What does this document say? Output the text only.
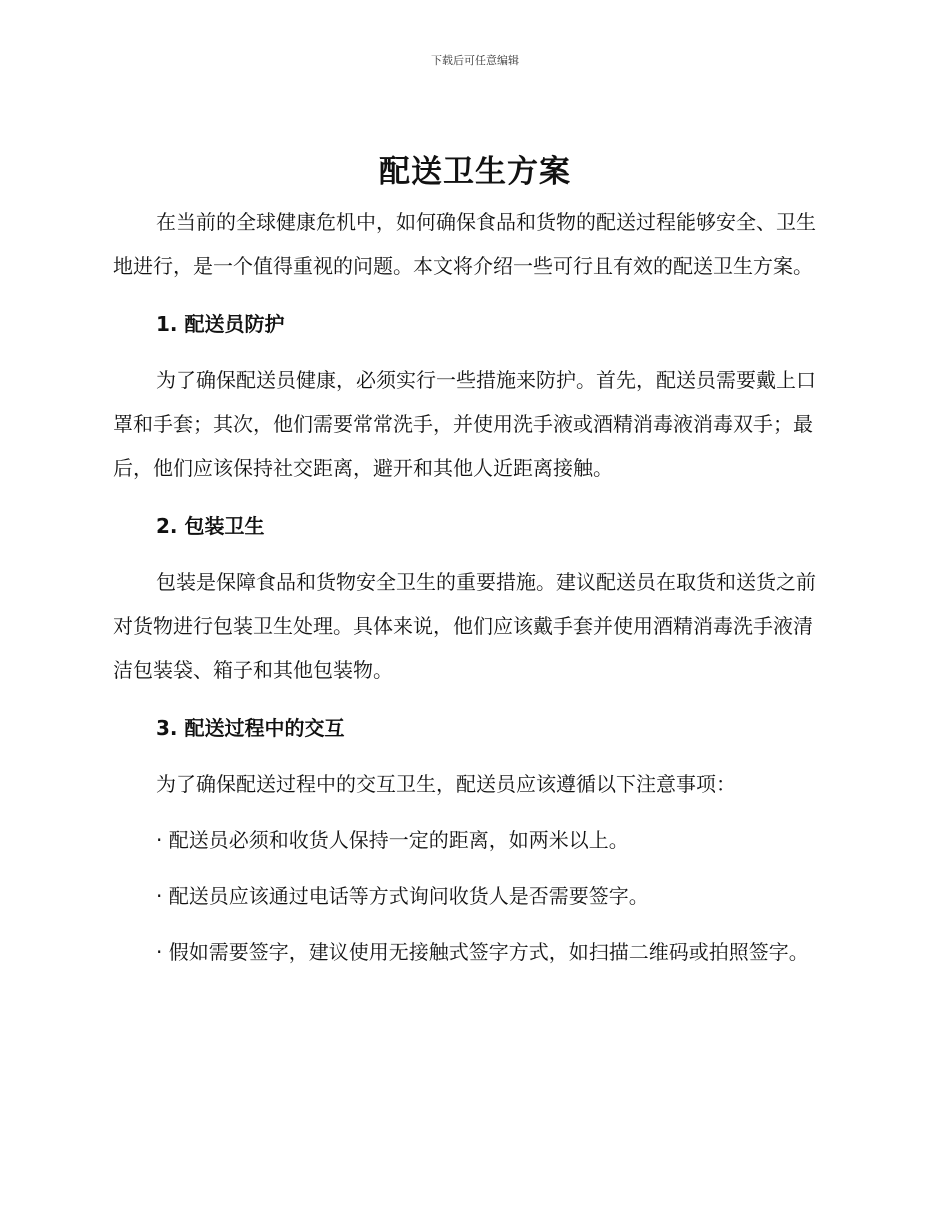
下载后可任意编辑
配送卫生方案

在当前的全球健康危机中，如何确保食品和货物的配送过程能够安全、卫生地进行，是一个值得重视的问题。本文将介绍一些可行且有效的配送卫生方案。

1. 配送员防护

为了确保配送员健康，必须实行一些措施来防护。首先，配送员需要戴上口罩和手套；其次，他们需要常常洗手，并使用洗手液或酒精消毒液消毒双手；最后，他们应该保持社交距离，避开和其他人近距离接触。

2. 包装卫生

包装是保障食品和货物安全卫生的重要措施。建议配送员在取货和送货之前对货物进行包装卫生处理。具体来说，他们应该戴手套并使用酒精消毒洗手液清洁包装袋、箱子和其他包装物。

3. 配送过程中的交互

为了确保配送过程中的交互卫生，配送员应该遵循以下注意事项：

· 配送员必须和收货人保持一定的距离，如两米以上。

· 配送员应该通过电话等方式询问收货人是否需要签字。

· 假如需要签字，建议使用无接触式签字方式，如扫描二维码或拍照签字。
